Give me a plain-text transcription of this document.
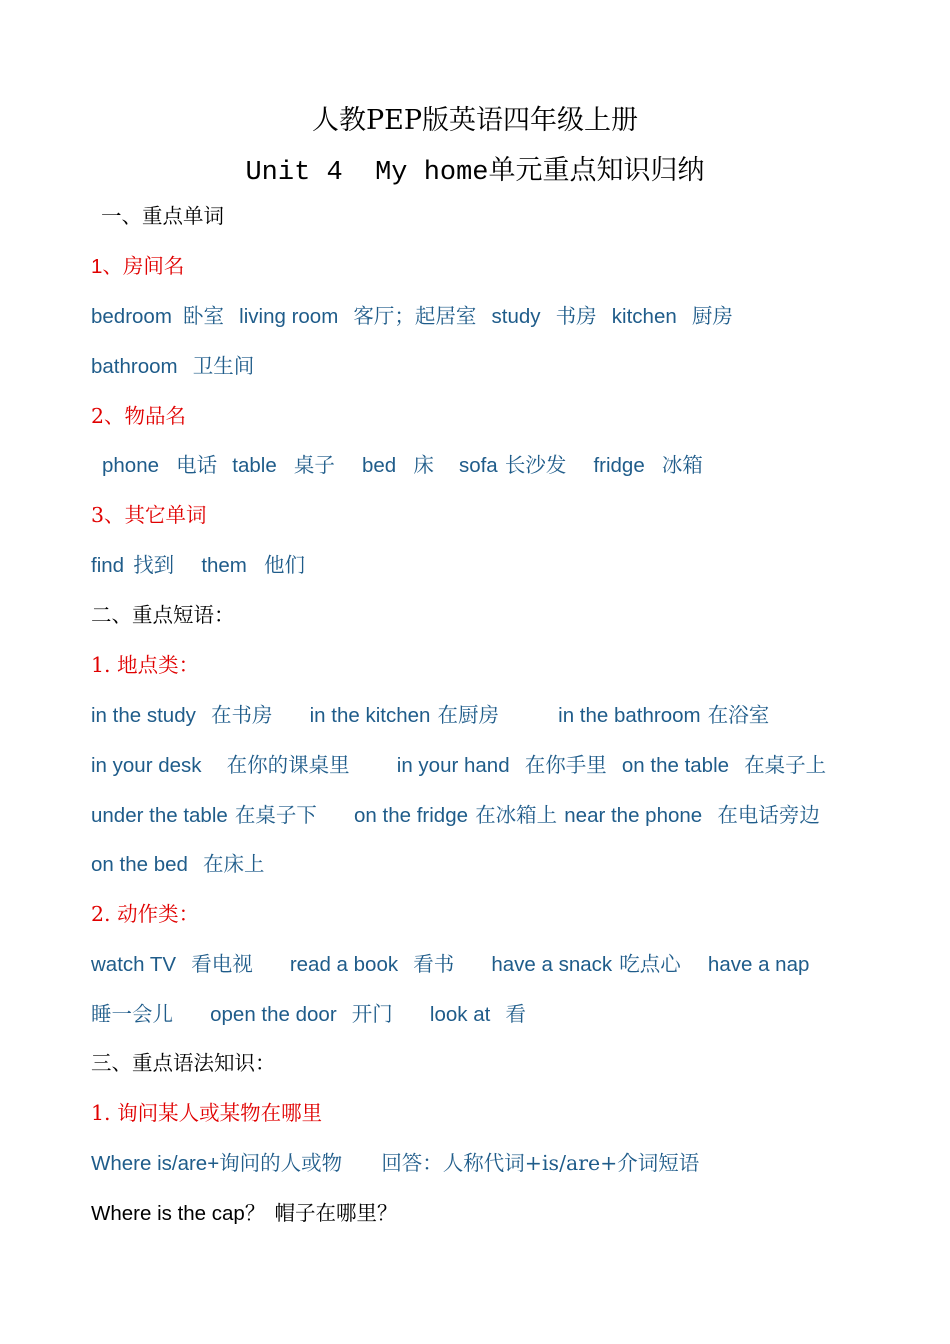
人教PEP版英语四年级上册
Unit 4  My home单元重点知识归纳
一、重点单词
1、房间名
bedroom 卧室 living room 客厅；起居室 study 书房 kitchen 厨房
bathroom 卫生间
2、物品名
phone 电话 table 桌子 bed 床 sofa 长沙发 fridge 冰箱
3、其它单词
find 找到 them 他们
二、重点短语：
1. 地点类：
in the study 在书房 in the kitchen 在厨房	in the bathroom 在浴室
in your desk 在你的课桌里 in your hand 在你手里 on the table 在桌子上
under the table 在桌子下 on the fridge 在冰箱上 near the phone 在电话旁边
on the bed 在床上
2. 动作类：
watch TV 看电视 read a book 看书 have a snack 吃点心 have a nap
睡一会儿 open the door 开门 look at 看
三、重点语法知识：
1. 询问某人或某物在哪里
Where is/are+询问的人或物 回答：人称代词+is/are+介词短语
Where is the cap？ 帽子在哪里？
